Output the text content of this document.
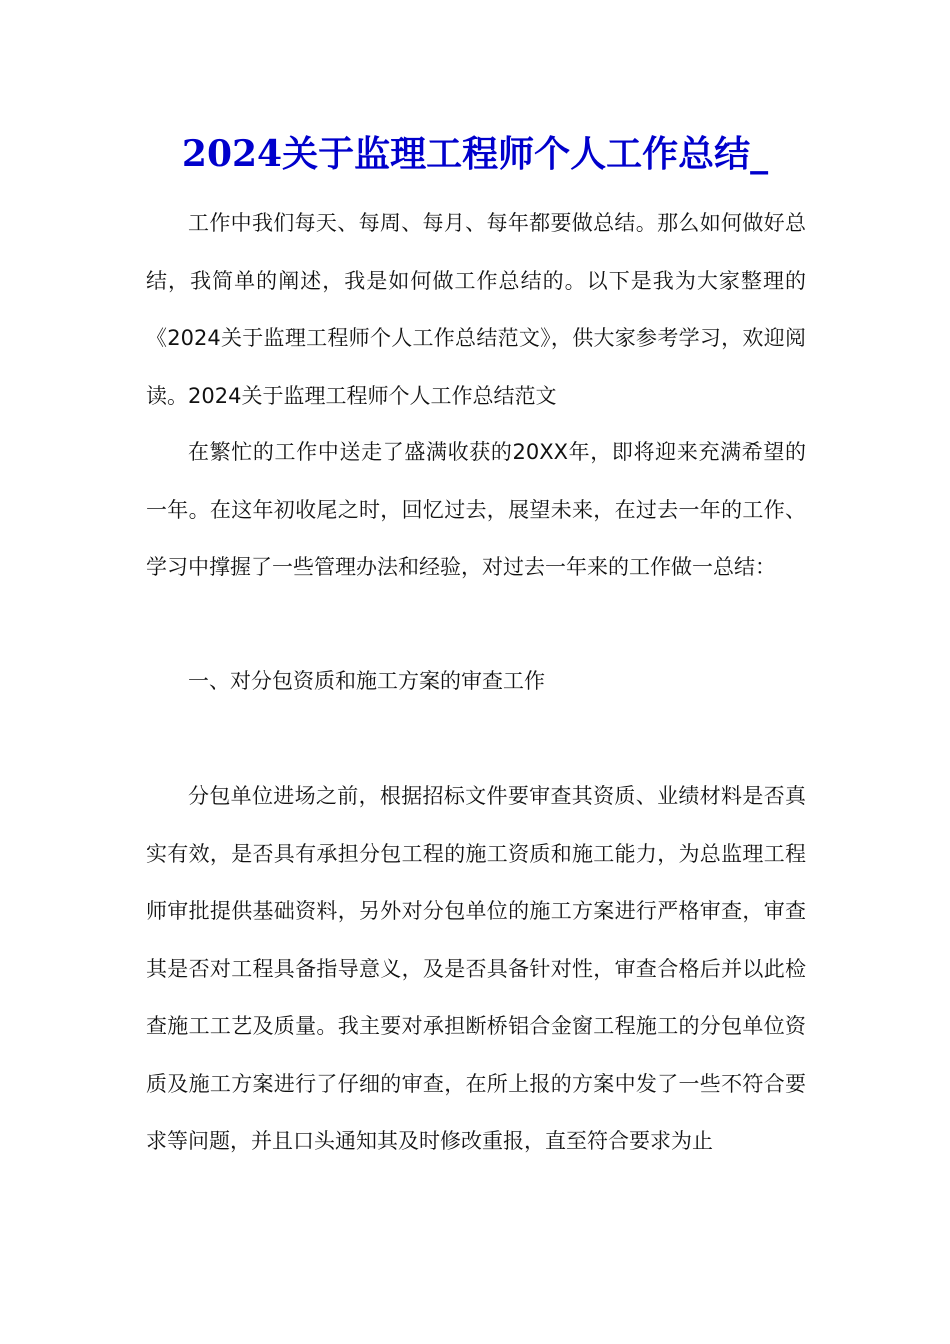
2024关于监理工程师个人工作总结_

工作中我们每天、每周、每月、每年都要做总结。那么如何做好总结，我简单的阐述，我是如何做工作总结的。以下是我为大家整理的《2024关于监理工程师个人工作总结范文》，供大家参考学习，欢迎阅读。2024关于监理工程师个人工作总结范文

在繁忙的工作中送走了盛满收获的20XX年，即将迎来充满希望的一年。在这年初收尾之时，回忆过去，展望未来，在过去一年的工作、学习中撑握了一些管理办法和经验，对过去一年来的工作做一总结：

一、对分包资质和施工方案的审查工作

分包单位进场之前，根据招标文件要审查其资质、业绩材料是否真实有效，是否具有承担分包工程的施工资质和施工能力，为总监理工程师审批提供基础资料，另外对分包单位的施工方案进行严格审查，审查其是否对工程具备指导意义，及是否具备针对性，审查合格后并以此检查施工工艺及质量。我主要对承担断桥铝合金窗工程施工的分包单位资质及施工方案进行了仔细的审查，在所上报的方案中发了一些不符合要求等问题，并且口头通知其及时修改重报，直至符合要求为止
